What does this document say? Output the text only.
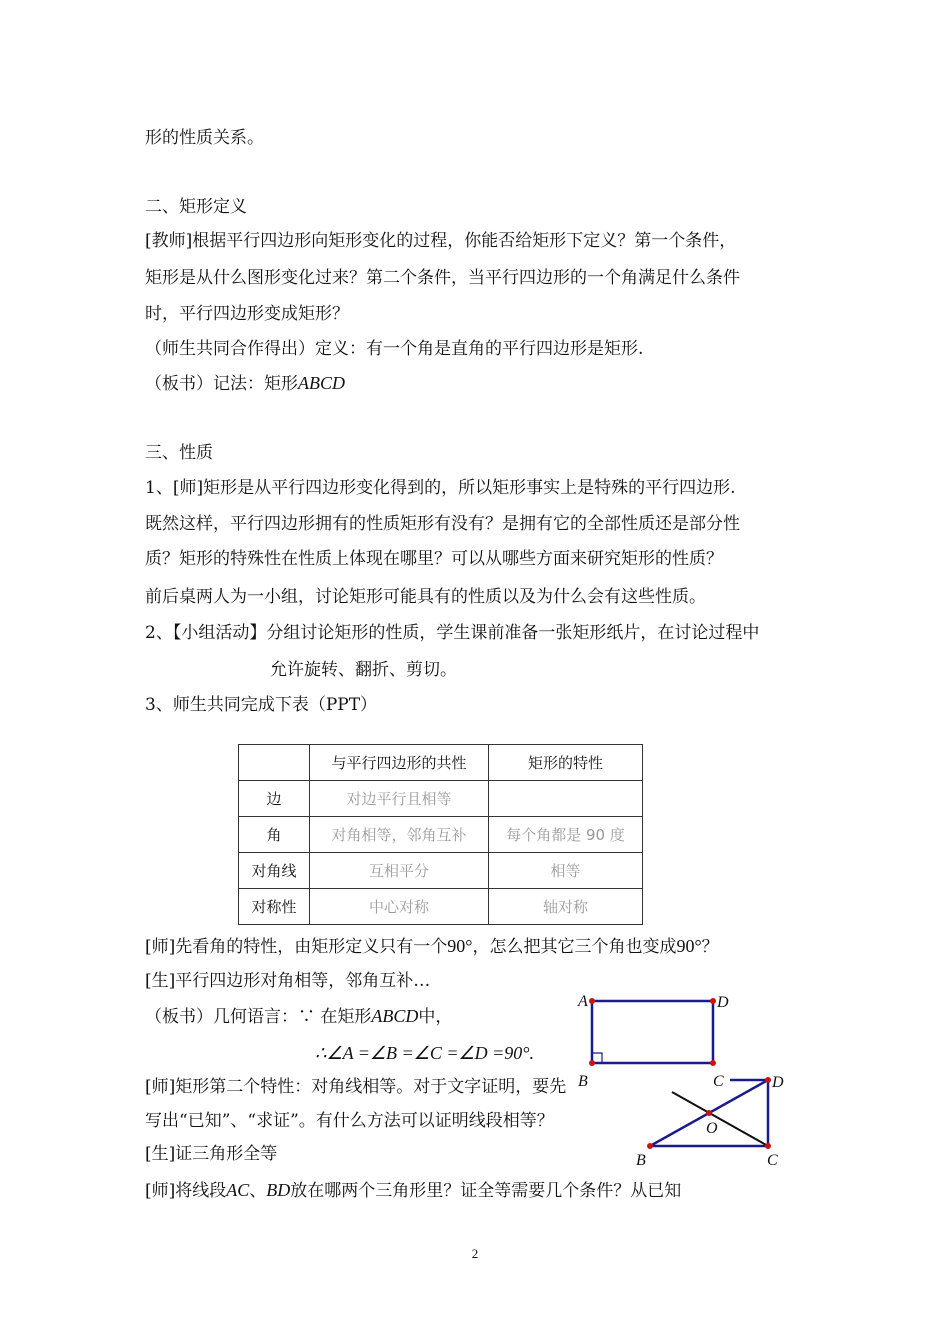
形的性质关系。
二、矩形定义
[教师]根据平行四边形向矩形变化的过程，你能否给矩形下定义？第一个条件，
矩形是从什么图形变化过来？第二个条件，当平行四边形的一个角满足什么条件
时，平行四边形变成矩形？
（师生共同合作得出）定义：有一个角是直角的平行四边形是矩形.
（板书）记法：矩形ABCD
三、性质
1、[师]矩形是从平行四边形变化得到的，所以矩形事实上是特殊的平行四边形.
既然这样，平行四边形拥有的性质矩形有没有？是拥有它的全部性质还是部分性
质？矩形的特殊性在性质上体现在哪里？可以从哪些方面来研究矩形的性质？
前后桌两人为一小组，讨论矩形可能具有的性质以及为什么会有这些性质。
2、【小组活动】分组讨论矩形的性质，学生课前准备一张矩形纸片，在讨论过程中
允许旋转、翻折、剪切。
3、师生共同完成下表（PPT）
	与平行四边形的共性	矩形的特性
边	对边平行且相等	
角	对角相等，邻角互补	每个角都是 90 度
对角线	互相平分	相等
对称性	中心对称	轴对称
[师]先看角的特性，由矩形定义只有一个90°，怎么把其它三个角也变成90°？
[生]平行四边形对角相等，邻角互补…
（板书）几何语言：∵ 在矩形ABCD中，
∴∠A =∠B =∠C =∠D =90°.
[师]矩形第二个特性：对角线相等。对于文字证明，要先
写出“已知”、“求证”。有什么方法可以证明线段相等？
[生]证三角形全等
[师]将线段AC、BD放在哪两个三角形里？证全等需要几个条件？从已知
A	D
B	C	D
O
B	C
2
